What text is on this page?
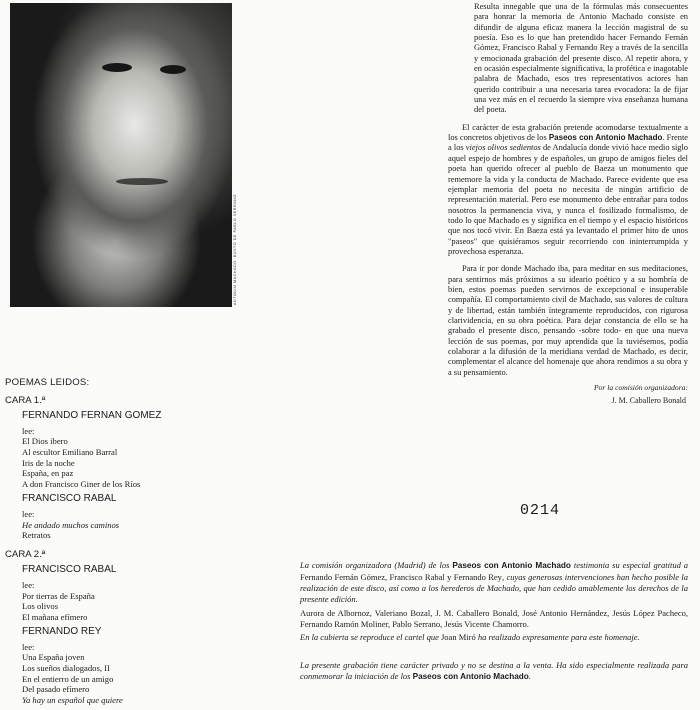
ANTONIO MACHADO: BUSTO DE PABLO SERRANO

Resulta innegable que una de la fórmulas más consecuentes para honrar la memoria de Antonio Machado consiste en difundir de alguna eficaz manera la lección magistral de su poesía. Eso es lo que han pretendido hacer Fernando Fernán Gómez, Francisco Rabal y Fernando Rey a través de la sencilla y emocionada grabación del presente disco. Al repetir ahora, y en ocasión especialmente significativa, la profética e inagotable palabra de Machado, esos tres representativos actores han querido contribuir a una necesaria tarea evocadora: la de fijar una vez más en el recuerdo la siempre viva enseñanza humana del poeta.

El carácter de esta grabación pretende acomodarse textualmente a los concretos objetivos de los Paseos con Antonio Machado. Frente a los viejos olivos sedientos de Andalucía donde vivió hace medio siglo aquel espejo de hombres y de españoles, un grupo de amigos fieles del poeta han querido ofrecer al pueblo de Baeza un monumento que rememore la vida y la conducta de Machado. Parece evidente que esa ejemplar memoria del poeta no necesita de ningún artificio de representación material. Pero ese monumento debe entrañar para todos nosotros la permanencia viva, y nunca el fosilizado formalismo, de todo lo que Machado es y significa en el tiempo y el espacio históricos que nos tocó vivir. En Baeza está ya levantado el primer hito de unos "paseos" que quisiéramos seguir recorriendo con ininterrumpida y provechosa esperanza.

Para ir por donde Machado iba, para meditar en sus meditaciones, para sentirnos más próximos a su ideario poético y a su hombría de bien, estos poemas pueden servirnos de excepcional e insuperable compañía. El comportamiento civil de Machado, sus valores de cultura y de libertad, están también íntegramente reproducidos, con rigurosa clarividencia, en su obra poética. Para dejar constancia de ello se ha grabado el presente disco, pensando -sobre todo- en que una nueva lección de sus poemas, por muy aprendida que la tuviésemos, podía colaborar a la difusión de la meridiana verdad de Machado, es decir, complementar el alcance del homenaje que ahora rendimos a su obra y a su pensamiento.

Por la comisión organizadora:
J. M. Caballero Bonald
POEMAS LEIDOS:
CARA 1.ª
FERNANDO FERNAN GOMEZ
lee:
El Dios ibero
Al escultor Emiliano Barral
Iris de la noche
España, en paz
A don Francisco Giner de los Ríos
FRANCISCO RABAL
lee:
He andado muchos caminos
Retratos
CARA 2.ª
FRANCISCO RABAL
lee:
Por tierras de España
Los olivos
El mañana efímero
FERNANDO REY
lee:
Una España joven
Los sueños dialogados, II
En el entierro de un amigo
Del pasado efímero
Ya hay un español que quiere
0214

La comisión organizadora (Madrid) de los Paseos con Antonio Machado testimonia su especial gratitud a Fernando Fernán Gómez, Francisco Rabal y Fernando Rey, cuyas generosas intervenciones han hecho posible la realización de este disco, así como a los herederos de Machado, que han cedido amablemente los derechos de la presente edición.

Aurora de Albornoz, Valeriano Bozal, J. M. Caballero Bonald, José Antonio Hernández, Jesús López Pacheco, Fernando Ramón Moliner, Pablo Serrano, Jesús Vicente Chamorro.

En la cubierta se reproduce el cartel que Joan Miró ha realizado expresamente para este homenaje.

La presente grabación tiene carácter privado y no se destina a la venta. Ha sido especialmente realizada para conmemorar la iniciación de los Paseos con Antonio Machado.
